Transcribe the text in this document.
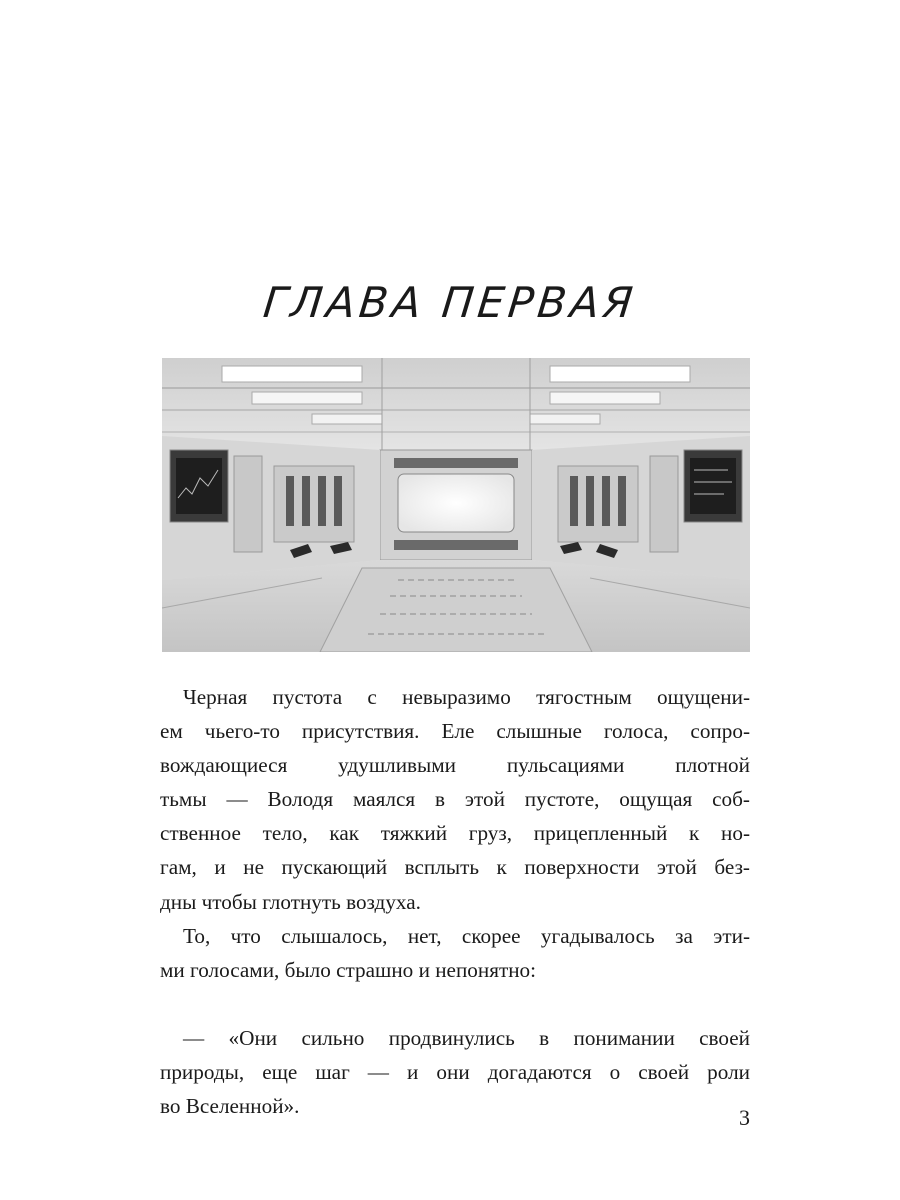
ГЛАВА ПЕРВАЯ
Черная пустота с невыразимо тягостным ощущени-
ем чьего-то присутствия. Еле слышные голоса, сопро-
вождающиеся удушливыми пульсациями плотной
тьмы — Володя маялся в этой пустоте, ощущая соб-
ственное тело, как тяжкий груз, прицепленный к но-
гам, и не пускающий всплыть к поверхности этой без-
дны чтобы глотнуть воздуха.
То, что слышалось, нет, скорее угадывалось за эти-
ми голосами, было страшно и непонятно:
— «Они сильно продвинулись в понимании своей
природы, еще шаг — и они догадаются о своей роли
во Вселенной».	3
